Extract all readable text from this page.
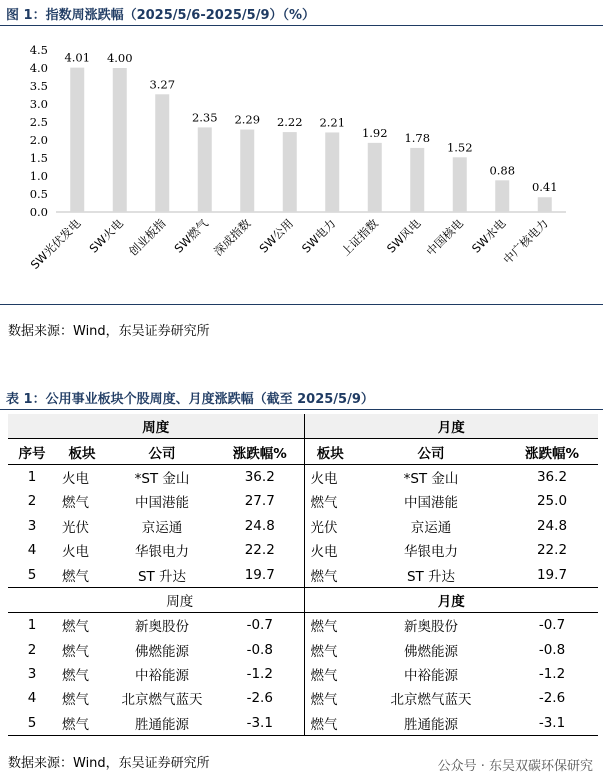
图 1：指数周涨跌幅（2025/5/6-2025/5/9）（%）
0.0
0.5
1.0
1.5
2.0
2.5
3.0
3.5
4.0
4.5
4.01
SW光伏发电
4.00
SW火电
3.27
创业板指
2.35
SW燃气
2.29
深成指数
2.22
SW公用
2.21
SW电力
1.92
上证指数
1.78
SW风电
1.52
中国核电
0.88
SW水电
0.41
中广核电力
数据来源：Wind，东吴证券研究所
表 1：公用事业板块个股周度、月度涨跌幅（截至 2025/5/9）
周度				月度		
序号	板块	公司	涨跌幅%	板块	公司	涨跌幅%
1	火电	*ST 金山	36.2	火电	*ST 金山	36.2
2	燃气	中国港能	27.7	燃气	中国港能	25.0
3	光伏	京运通	24.8	光伏	京运通	24.8
4	火电	华银电力	22.2	火电	华银电力	22.2
5	燃气	ST 升达	19.7	燃气	ST 升达	19.7
	周度			月度		
1	燃气	新奥股份	-0.7	燃气	新奥股份	-0.7
2	燃气	佛燃能源	-0.8	燃气	佛燃能源	-0.8
3	燃气	中裕能源	-1.2	燃气	中裕能源	-1.2
4	燃气	北京燃气蓝天	-2.6	燃气	北京燃气蓝天	-2.6
5	燃气	胜通能源	-3.1	燃气	胜通能源	-3.1
数据来源：Wind，东吴证券研究所	公众号 · 东吴双碳环保研究
